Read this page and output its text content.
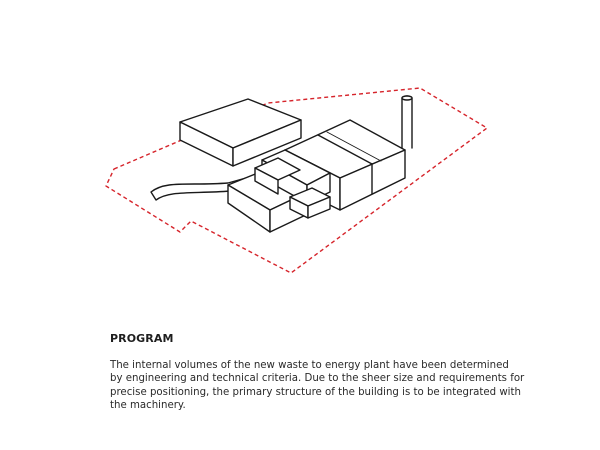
PROGRAM

The internal volumes of the new waste to energy plant have been determined
by engineering and technical criteria. Due to the sheer size and requirements for
precise positioning, the primary structure of the building is to be integrated with
the machinery.
